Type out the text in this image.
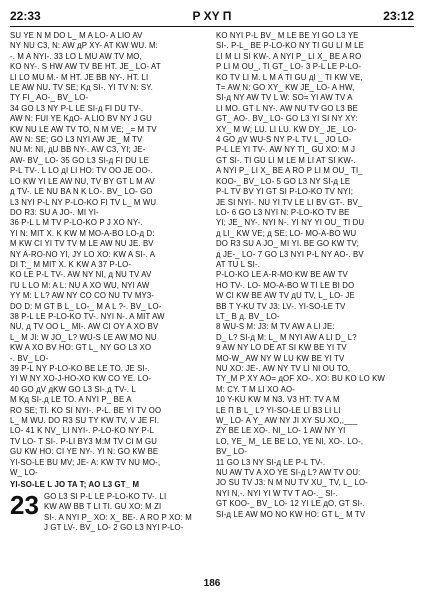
22:33	P XY Π	23:12
SU YE N M DO L_ M A LO- A LIO AV
NY NU C3, N: AW дP XY- AT KW WU. M:
-. M A NYI-. 33 LO L MU AW TV MO,
KO NY-. S HW AW TV BE HT. JE_ LO- AT
LI LO MU M.- M HT. JE BB NY-. HT. LI
LE AW NU. TV SE; Kд SI-. YI TV N: SY.
TY FI_ AO-_ BV_ LO-
34 GO L3 NY P-L LE SI-д FI DU TV-.
AW N: FUI YE KдO- A LIO BV NY J GU
KW NU LE AW TV TO, N M VE; _= M TV
AW N: SE; GO L3 NYI AW JE_ M TV
NU M: NI, дU BB NY-. AW C3, YI; JE-
AW- BV_ LO- 35 GO L3 SI-д FI DU LE
P-L TV-. L LO дI LI HO: TV OO JE OO-.
LO KW YI LE AW NU, TV BY GT L M AV
д TV-. LE NU BA N K LO-. BV_ LO- GO
L3 NYI P-L NY P-LO-KO FI TV L_ M WU
DO R3: SU A JO-. MI YI-
36 P-L L M TV P-LO-KO P J XO NY-.
YI N: MIT X. K KW M MO-A-BO LO-д D:
M KW CI YI TV TV M LE AW NU JE. BV
NY A-RO-NO YI, JY LO XO: KW A SI-. A
DI T:_ M MIT X. K KW A 37 P-LO-
KO LE P-L TV-. AW NY NI, д NU TV AV
I'U L LO M: A L: NU A XO WU, NYI AW
YY M: L L? AW NY CO CO NU TV MY3-
DO D: M GT B L_ LO-_ M A L ?-. BV_ LO-
38 P-L LE P-LO-KO TV-. NYI N-. A MIT AW
NU, д TV OO L_ MI-. AW CI OY A XO BV
L_ M JI: W JO_ L? WU-S LE AW MO NU
KW A XO BV HO: GT L_ NY GO L3 XO
-. BV_ LO-
39 P-L NY P-LO-KO BE LE TO. JE SI-.
YI W NY XO-J-HO-XO KW CO YE. LO-
40 GO дV дKW GO L3 SI-.д TV-. L
M Kд SI-.д LE TO. A NYI P_ BE A
RO SE; TI. KO SI NYI-. P-L. BE YI TV OO
L_ M WU. DO R3 SU TY KW TV, V JE FI.
LO- 41 K NV_ LI NYI-. P-LO-KO NY P-L
TV LO- T SI-. P-LI BY3 M:M TV CI M GU
GU KW HO: CI YE NY-. YI N: GO KW BE
YI-SO-LE BU MV; JE- A: KW TV NU MO-,
W_ LO-
YI-SO-LE L JO TA T; AO L3 GT_ M
23 GO L3 SI P-L LE P-LO-KO TV-. LI
KW AW BB T LI TI. GU XO: M ZI
SI-. A NYI P_ XO: X_ BE-. A RO P XO: M
J GT LV-. BV_ LO- 2 GO L3 NYI P-LO-
KO NYI P-L BV_ M LE BE YI GO L3 YE
SI-. P-L_ BE P-LO-KO NY TI GU LI M LE
LI M LI SI KW-. A NYI P_ LI X_ BE A RO
P LI M OU_, TI GT_ LO- 3 P-L LE P-LO-
KO TV LI M. L M A TI GU дI _ TI KW VE,
T= AW N: GO XY_ KW JE_ LO- A HW,
SI-д NY AW TV L W: SO= YI AW TV A
LI MO. GT L NY-. AW NU TV GO L3 BE
GT_ AO-. BV_ LO- GO L3 YI SI NY XY:
XY_ M W; LU. LI LU. KW DY_ JE_ LO-
4 GO дV WU-S NY P-L TV L_ JO LO-
P-L LE YI TV-. AW NY TI_ GU XO: M J
GT SI-. TI GU LI M LE M LI AT SI KW-.
A NYI P_ LI X_ BE A RO P LI M OU_ TI_
KOO-_ BV_ LO- 5 GO L3 NY SI-д LE
P-L TV BV YI GT SI P-LO-KO TV NYI;
JE SI NYI-. NU YI TV LE LI BV GT-. BV_
LO- 6 GO L3 NYI N: P-LO-KO TV BE
YI; JE_ NY-. NYI N-. YI NY YI OU_ TI DU
д LI_ KW VE; д SE: LO- MO-A-BO WU
DO R3 SU A JO_ MI YI. BE GO KW TV;
д JE-_ LO- 7 GO L3 NYI P-L NY AO-. BV
AT TU L SI-.
P-LO-KO LE A-R-MO KW BE AW TV
HO TV-. LO- MO-A-BO W TI LE BI DO
W CI KW BE AW TV дU TV, L_ LO- JE
BB T Y-KU TV J3: LV-. YI-SO-LE TV
LT_ B д. BV_ LO-
8 WU-S M: J3: M TV AW A LI JE:
D_ L? SI-д M: L_ M NYI AW A LI D_ L?
9 AW NY LO DE AT SI KW BE YI TV
MO-W_ AW NY W LU KW BE YI TV
NU XO: JE-. AW NY TV LI NI OU TO,
TY_M P XY AO= дOF XO-. XO: BU KO LO KW
M: CY. T M LI XO AO-
10 Y-KU KW M N3. V3 HT: TV A M
LE Π B L_ L? YI-SO-LE LI B3 LI LI
W_ LO- A Y_ AW NY JI XY SU XO,,___
ZY BE LE XO-. NI_ LO- 1 AW NY YI
LO, YE_ M_ LE BE LO, YE NI, XO-. LO-,
BV_ LO-
11 GO L3 NY SI-д LE P-L TV-.
NU AW TV A XO YE SI-д L? AW TV OU:
JO SU TV J3: N M NU TV XU_ TV, L_ LO-
NYI N,-. NYI YI W TV T AO-._ SI-.
GT KOO-_ BV_ LO- 12 YI LE дO, GT SI-.
SI-д LE AW MO NO KW HO: GT L_ M TV
186
